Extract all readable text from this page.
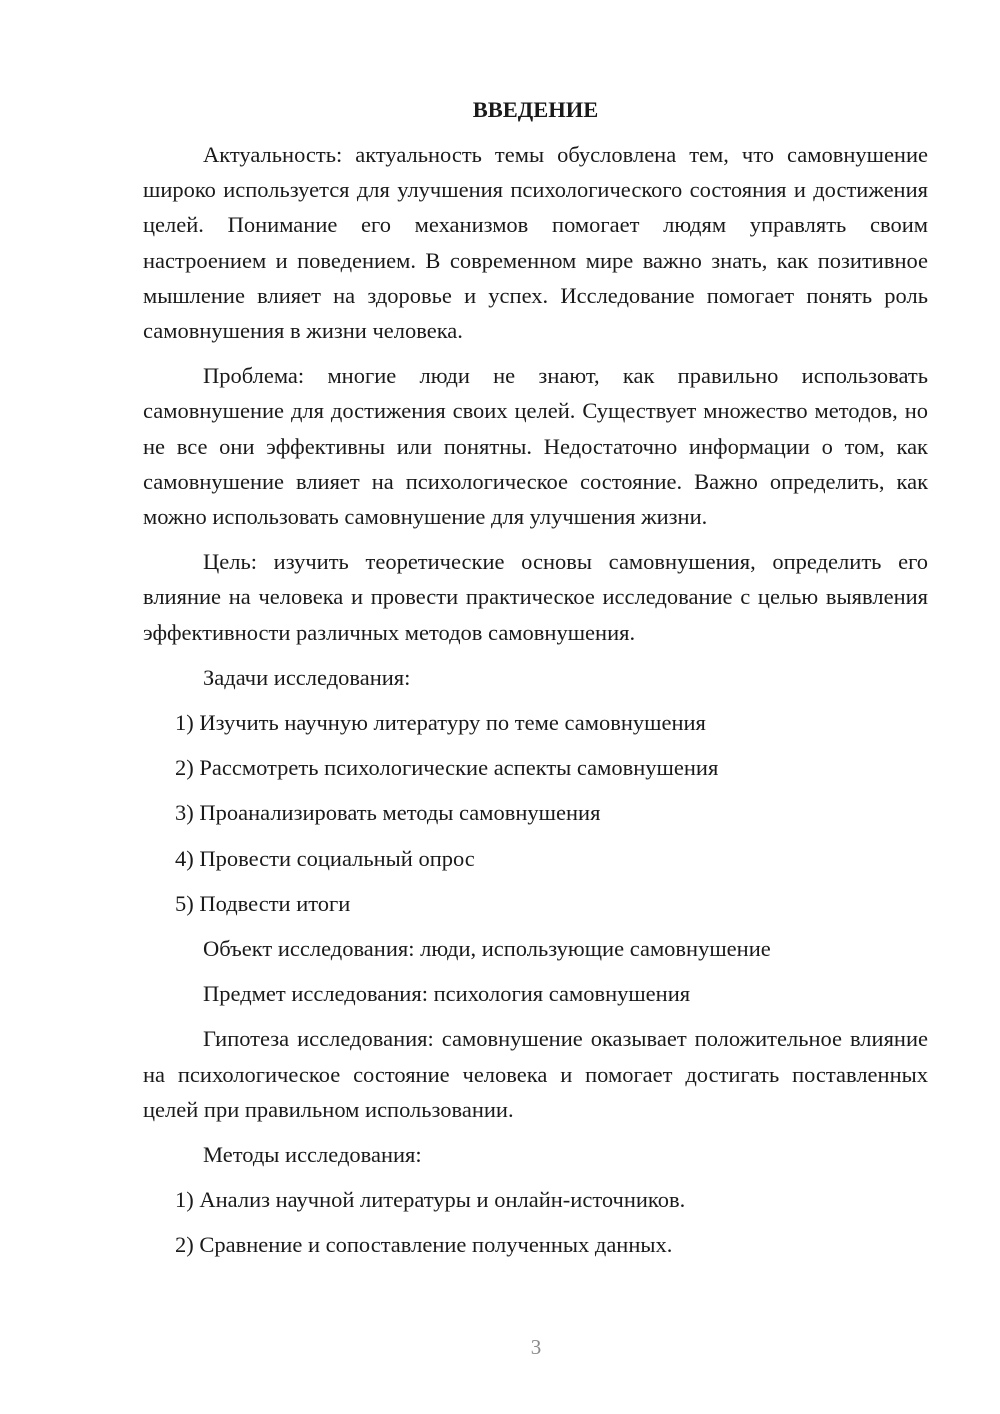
ВВЕДЕНИЕ

Актуальность: актуальность темы обусловлена тем, что самовнушение широко используется для улучшения психологического состояния и достижения целей. Понимание его механизмов помогает людям управлять своим настроением и поведением. В современном мире важно знать, как позитивное мышление влияет на здоровье и успех. Исследование помогает понять роль самовнушения в жизни человека.

Проблема: многие люди не знают, как правильно использовать самовнушение для достижения своих целей. Существует множество методов, но не все они эффективны или понятны. Недостаточно информации о том, как самовнушение влияет на психологическое состояние. Важно определить, как можно использовать самовнушение для улучшения жизни.

Цель: изучить теоретические основы самовнушения, определить его влияние на человека и провести практическое исследование с целью выявления эффективности различных методов самовнушения.

Задачи исследования:

1) Изучить научную литературу по теме самовнушения

2) Рассмотреть психологические аспекты самовнушения

3) Проанализировать методы самовнушения

4) Провести социальный опрос

5) Подвести итоги

Объект исследования: люди, использующие самовнушение

Предмет исследования: психология самовнушения

Гипотеза исследования: самовнушение оказывает положительное влияние на психологическое состояние человека и помогает достигать поставленных целей при правильном использовании.

Методы исследования:

1) Анализ научной литературы и онлайн-источников.

2) Сравнение и сопоставление полученных данных.

3
